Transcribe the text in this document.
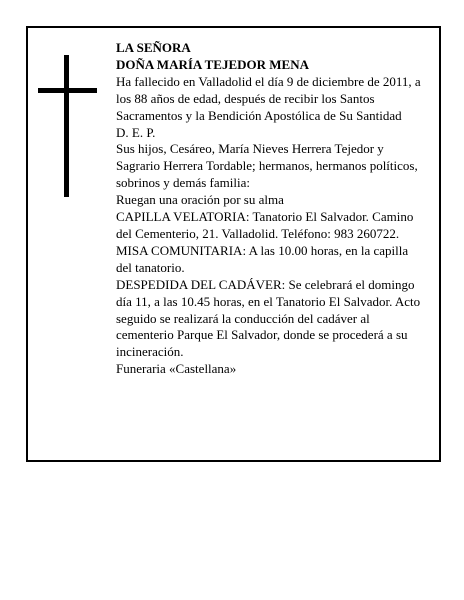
LA SEÑORA

DOÑA MARÍA TEJEDOR MENA

Ha fallecido en Valladolid el día 9 de diciembre de 2011, a los 88 años de edad, después de recibir los Santos Sacramentos y la Bendición Apostólica de Su Santidad

D. E. P.

Sus hijos, Cesáreo, María Nieves Herrera Tejedor y Sagrario Herrera Tordable; hermanos, hermanos políticos, sobrinos y demás familia:

Ruegan una oración por su alma

CAPILLA VELATORIA: Tanatorio El Salvador. Camino del Cementerio, 21. Valladolid. Teléfono: 983 260722.

MISA COMUNITARIA: A las 10.00 horas, en la capilla del tanatorio.

DESPEDIDA DEL CADÁVER: Se celebrará el domingo día 11, a las 10.45 horas, en el Tanatorio El Salvador. Acto seguido se realizará la conducción del cadáver al cementerio Parque El Salvador, donde se procederá a su incineración.

Funeraria «Castellana»
